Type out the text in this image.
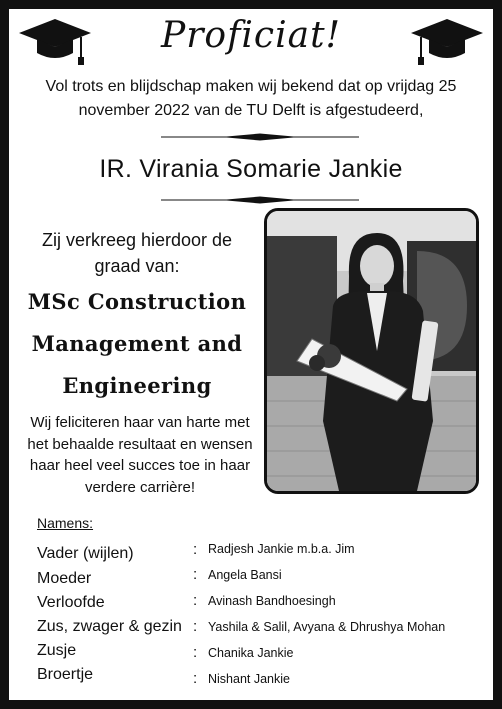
Proficiat!
Vol trots en blijdschap maken wij bekend dat op vrijdag 25 november 2022 van de TU Delft is afgestudeerd,
IR. Virania Somarie Jankie
Zij verkreeg hierdoor de graad van:
MSc Construction Management and Engineering
Wij feliciteren haar van harte met het behaalde resultaat en wensen haar heel veel succes toe in haar verdere carrière!
Namens:
Vader (wijlen)
Moeder
Verloofde
Zus, zwager & gezin
Zusje
Broertje
:
:
:
:
:
:
Radjesh Jankie m.b.a. Jim
Angela Bansi
Avinash Bandhoesingh
Yashila & Salil, Avyana & Dhrushya Mohan
Chanika Jankie
Nishant Jankie
